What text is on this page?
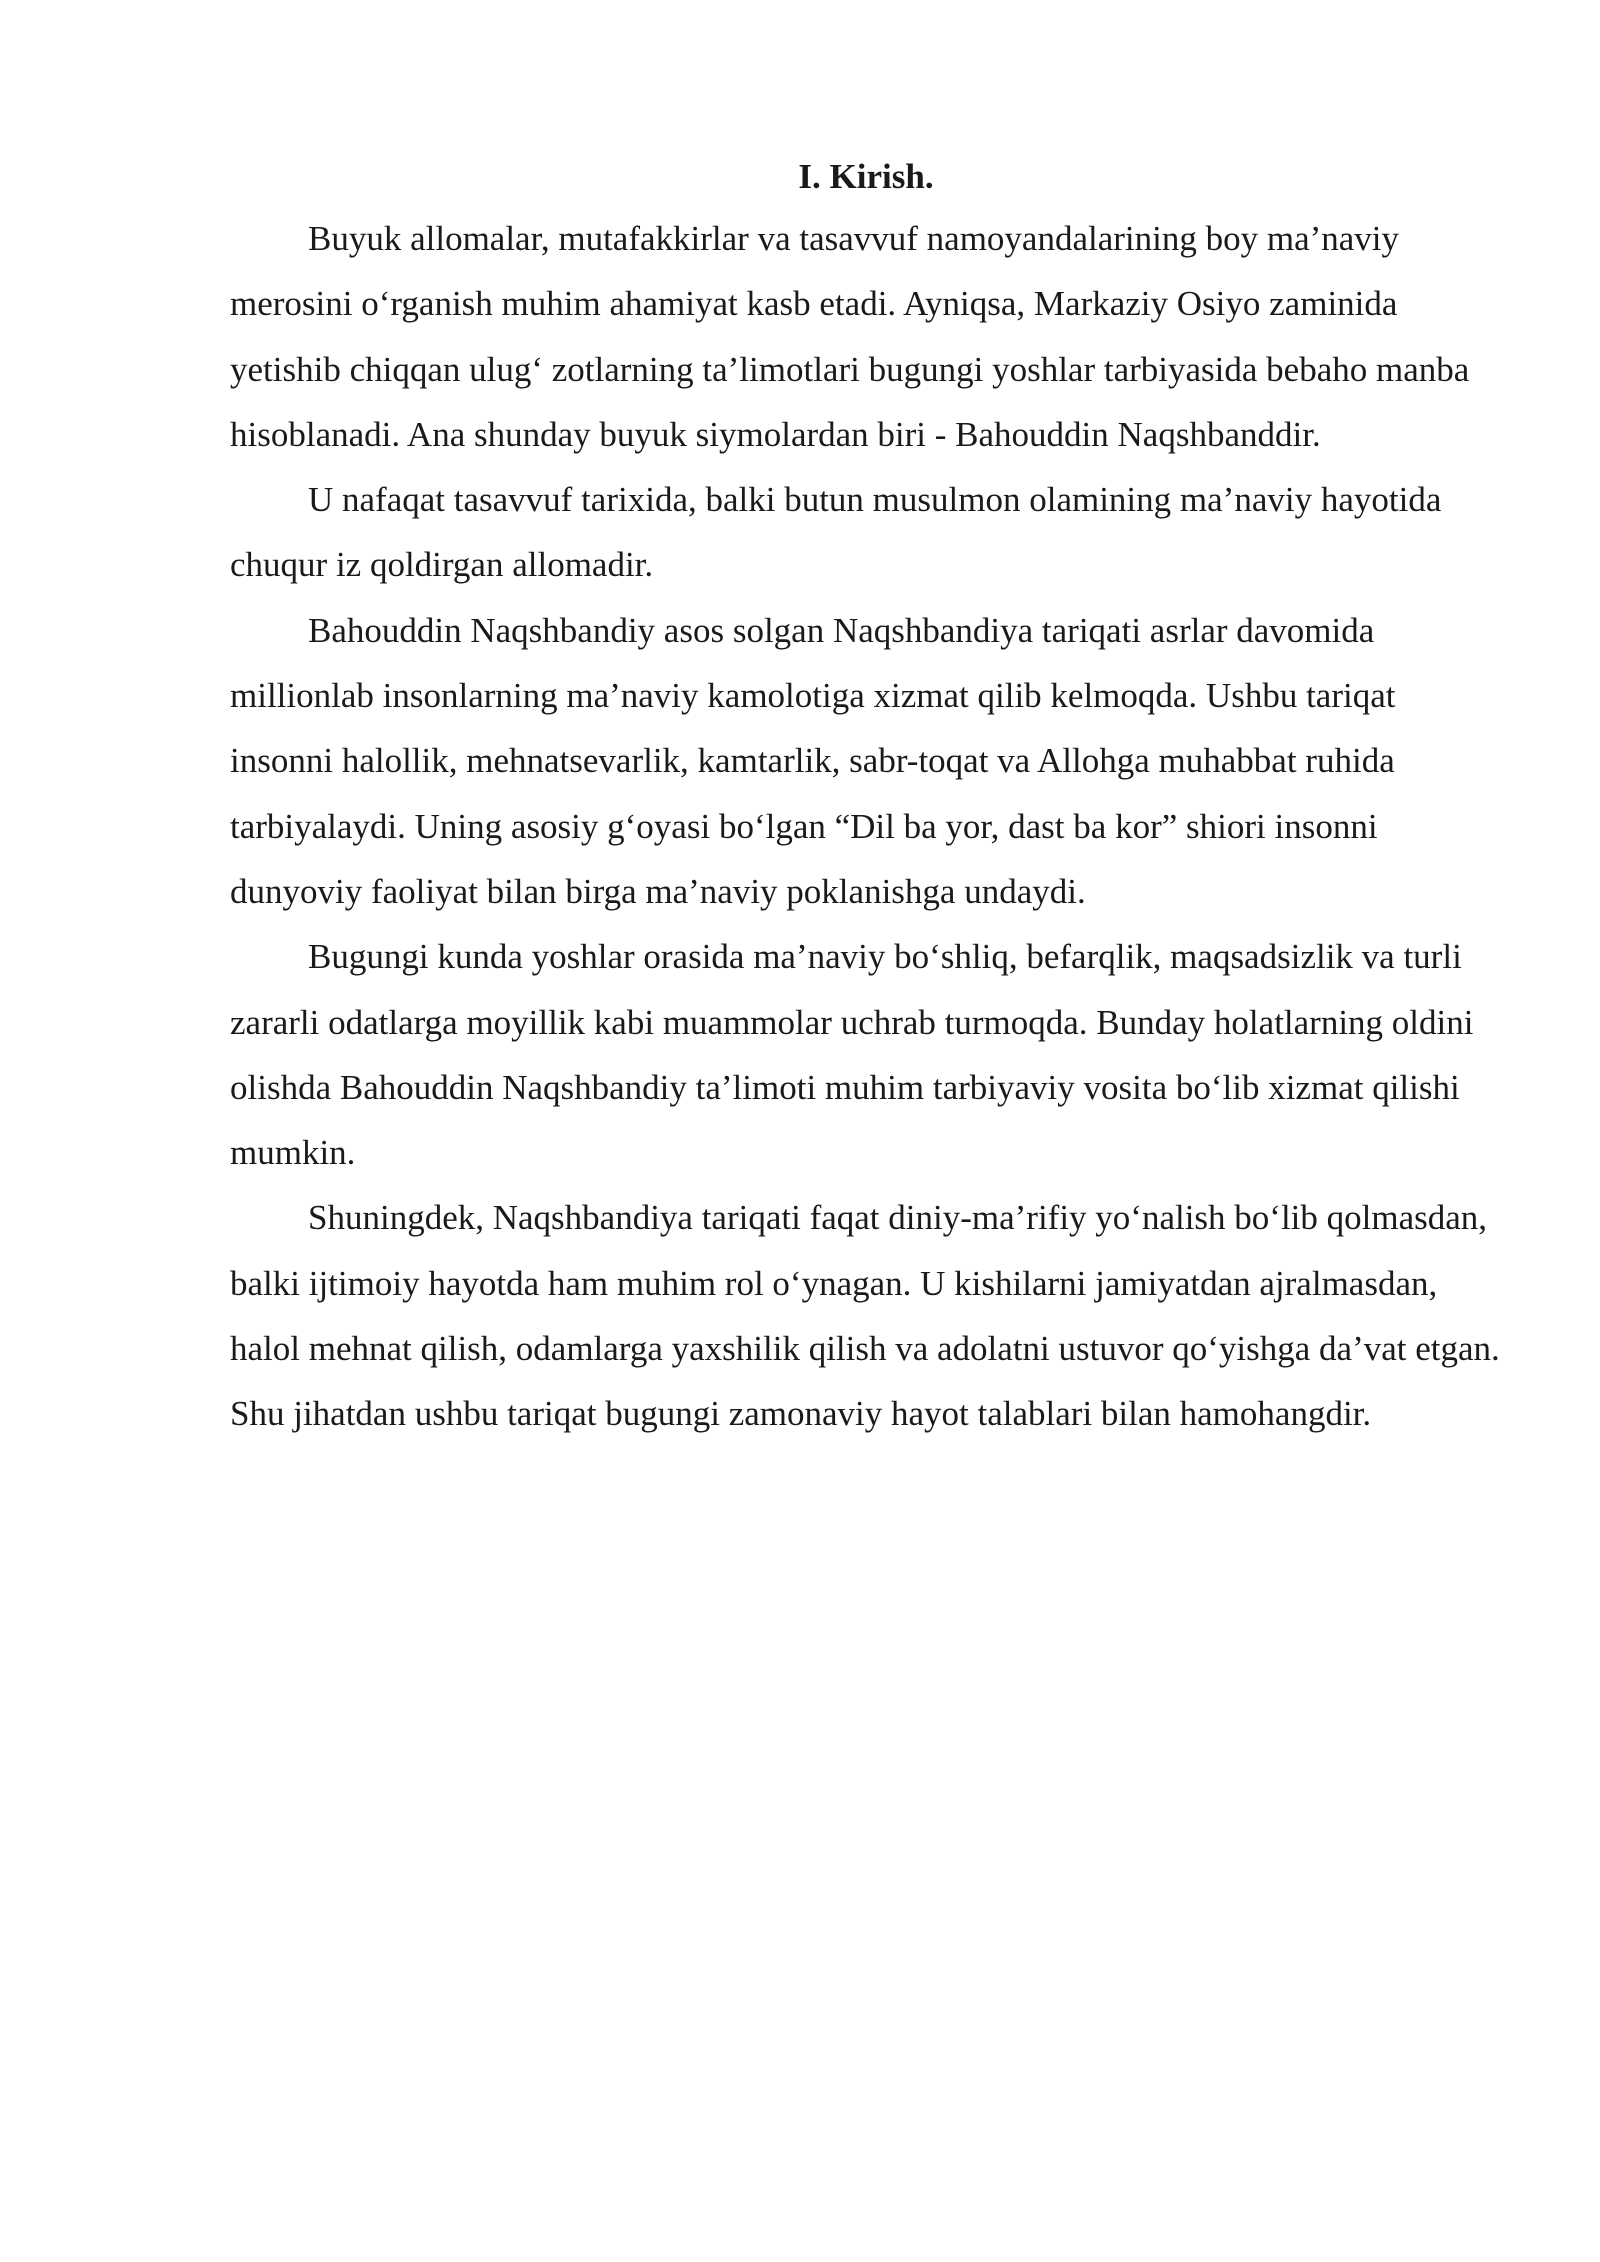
I. Kirish.

Buyuk allomalar, mutafakkirlar va tasavvuf namoyandalarining boy ma’naviy merosini o‘rganish muhim ahamiyat kasb etadi. Ayniqsa, Markaziy Osiyo zaminida yetishib chiqqan ulug‘ zotlarning ta’limotlari bugungi yoshlar tarbiyasida bebaho manba hisoblanadi. Ana shunday buyuk siymolardan biri - Bahouddin Naqshbanddir.

U nafaqat tasavvuf tarixida, balki butun musulmon olamining ma’naviy hayotida chuqur iz qoldirgan allomadir.

Bahouddin Naqshbandiy asos solgan Naqshbandiya tariqati asrlar davomida millionlab insonlarning ma’naviy kamolotiga xizmat qilib kelmoqda. Ushbu tariqat insonni halollik, mehnatsevarlik, kamtarlik, sabr-toqat va Allohga muhabbat ruhida tarbiyalaydi. Uning asosiy g‘oyasi bo‘lgan “Dil ba yor, dast ba kor” shiori insonni dunyoviy faoliyat bilan birga ma’naviy poklanishga undaydi.

Bugungi kunda yoshlar orasida ma’naviy bo‘shliq, befarqlik, maqsadsizlik va turli zararli odatlarga moyillik kabi muammolar uchrab turmoqda. Bunday holatlarning oldini olishda Bahouddin Naqshbandiy ta’limoti muhim tarbiyaviy vosita bo‘lib xizmat qilishi mumkin.

Shuningdek, Naqshbandiya tariqati faqat diniy-ma’rifiy yo‘nalish bo‘lib qolmasdan, balki ijtimoiy hayotda ham muhim rol o‘ynagan. U kishilarni jamiyatdan ajralmasdan, halol mehnat qilish, odamlarga yaxshilik qilish va adolatni ustuvor qo‘yishga da’vat etgan. Shu jihatdan ushbu tariqat bugungi zamonaviy hayot talablari bilan hamohangdir.
